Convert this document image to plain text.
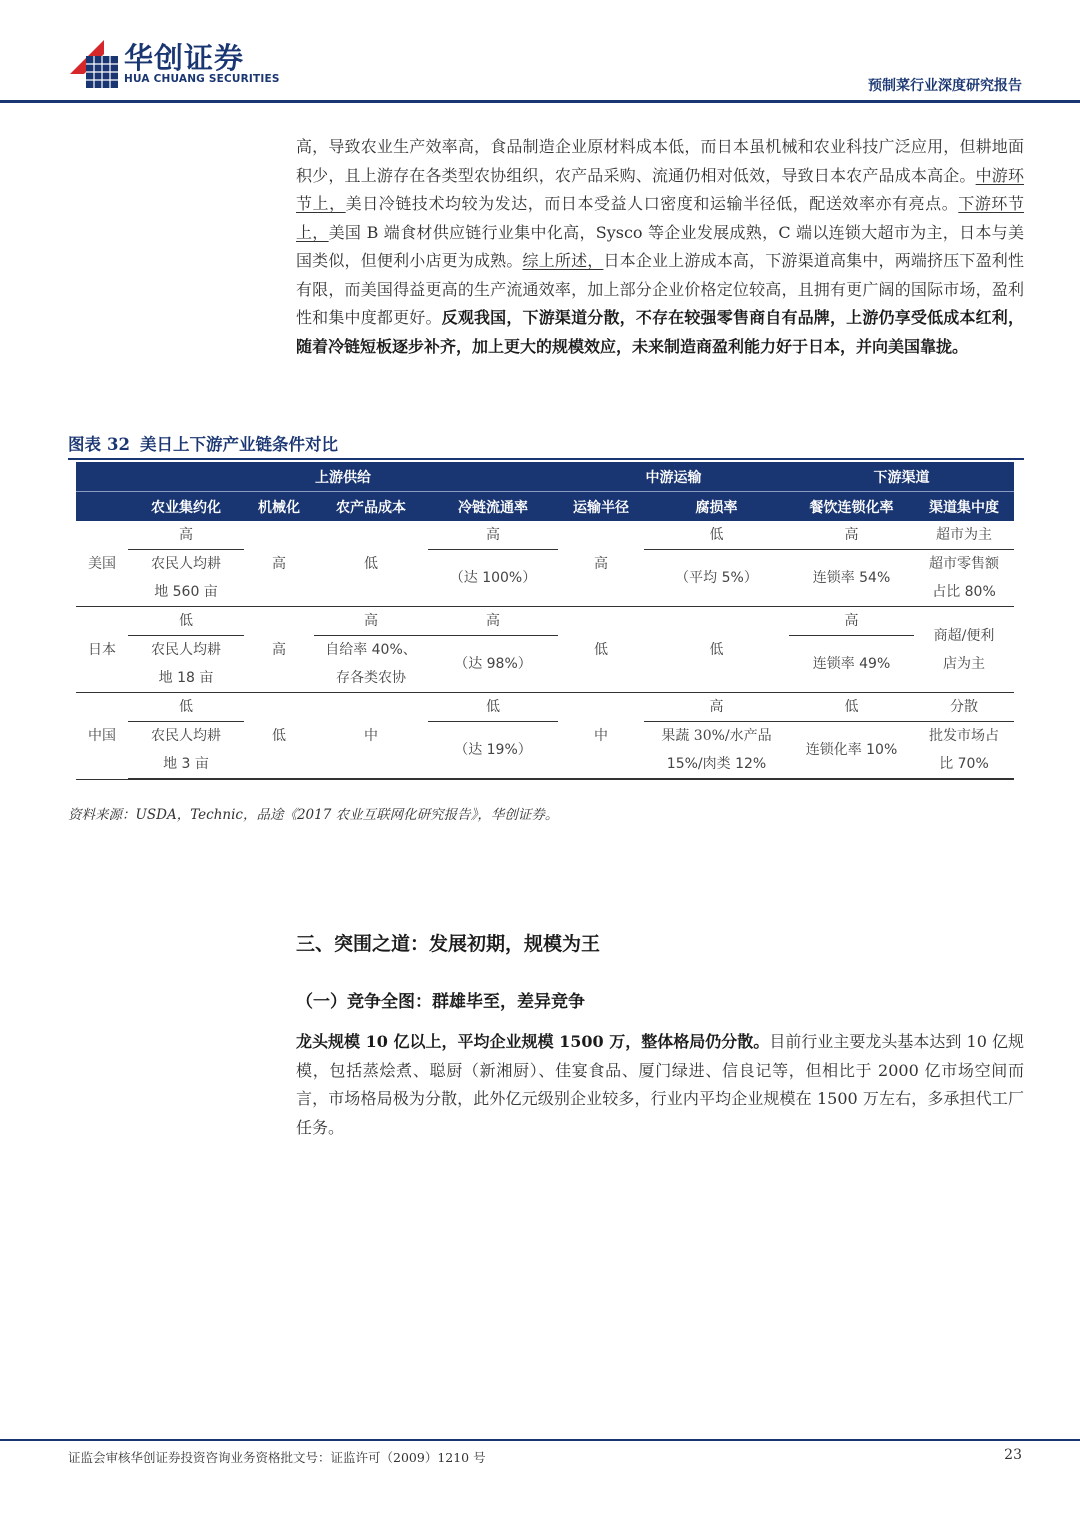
华创证券
HUA CHUANG SECURITIES	预制菜行业深度研究报告

高，导致农业生产效率高，食品制造企业原材料成本低，而日本虽机械和农业科技广泛应用，但耕地面积少，且上游存在各类型农协组织，农产品采购、流通仍相对低效，导致日本农产品成本高企。中游环节上，美日冷链技术均较为发达，而日本受益人口密度和运输半径低，配送效率亦有亮点。下游环节上，美国 B 端食材供应链行业集中化高，Sysco 等企业发展成熟，C 端以连锁大超市为主，日本与美国类似，但便利小店更为成熟。综上所述，日本企业上游成本高，下游渠道高集中，两端挤压下盈利性有限，而美国得益更高的生产流通效率，加上部分企业价格定位较高，且拥有更广阔的国际市场，盈利性和集中度都更好。反观我国，下游渠道分散，不存在较强零售商自有品牌，上游仍享受低成本红利，随着冷链短板逐步补齐，加上更大的规模效应，未来制造商盈利能力好于日本，并向美国靠拢。

图表 32 美日上下游产业链条件对比
	上游供给				中游运输		下游渠道	
	农业集约化	机械化	农产品成本	冷链流通率	运输半径	腐损率	餐饮连锁化率	渠道集中度
美国	高	高	低	高	高	低	高	超市为主
	农民人均耕			（达 100%）		（平均 5%）	连锁率 54%	超市零售额
	地 560 亩							占比 80%
日本	低	高	高	高	低	低	高	商超/便利
店为主
	农民人均耕		自给率 40%、	（达 98%）			连锁率 49%	
	地 18 亩		存各类农协					
中国	低	低	中	低	中	高	低	分散
	农民人均耕			（达 19%）		果蔬 30%/水产品	连锁化率 10%	批发市场占
	地 3 亩					15%/肉类 12%		比 70%
资料来源：USDA，Technic，品途《2017 农业互联网化研究报告》，华创证券。
三、突围之道：发展初期，规模为王
（一）竞争全图：群雄毕至，差异竞争

龙头规模 10 亿以上，平均企业规模 1500 万，整体格局仍分散。目前行业主要龙头基本达到 10 亿规模，包括蒸烩煮、聪厨（新湘厨）、佳宴食品、厦门绿进、信良记等，但相比于 2000 亿市场空间而言，市场格局极为分散，此外亿元级别企业较多，行业内平均企业规模在 1500 万左右，多承担代工厂任务。

证监会审核华创证券投资咨询业务资格批文号：证监许可（2009）1210 号	23
